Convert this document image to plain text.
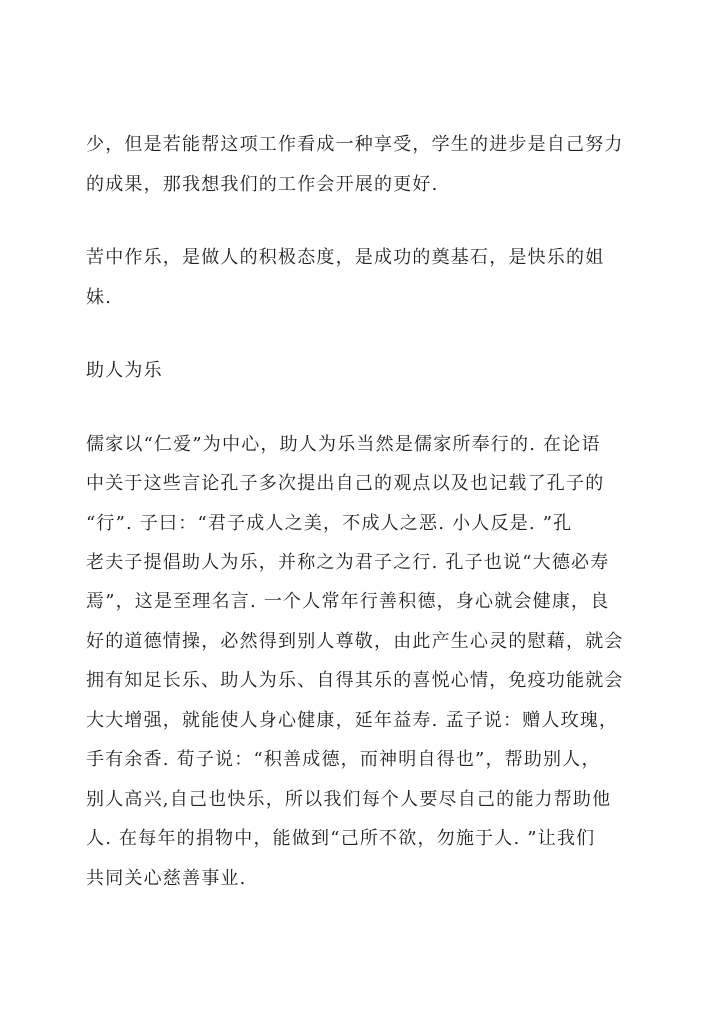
少，但是若能帮这项工作看成一种享受，学生的进步是自己努力

的成果，那我想我们的工作会开展的更好.

苦中作乐，是做人的积极态度，是成功的奠基石，是快乐的姐

妹.

助人为乐

儒家以“仁爱”为中心，助人为乐当然是儒家所奉行的. 在论语

中关于这些言论孔子多次提出自己的观点以及也记载了孔子的

“行”. 子曰：“君子成人之美，不成人之恶. 小人反是. ”孔

老夫子提倡助人为乐，并称之为君子之行. 孔子也说“大德必寿

焉”，这是至理名言. 一个人常年行善积德，身心就会健康，良

好的道德情操，必然得到别人尊敬，由此产生心灵的慰藉，就会

拥有知足长乐、助人为乐、自得其乐的喜悦心情，免疫功能就会

大大增强，就能使人身心健康，延年益寿. 孟子说：赠人玫瑰，

手有余香. 荀子说：“积善成德，而神明自得也”，帮助别人，

别人高兴,自己也快乐，所以我们每个人要尽自己的能力帮助他

人. 在每年的捐物中，能做到“己所不欲，勿施于人. ”让我们

共同关心慈善事业.
